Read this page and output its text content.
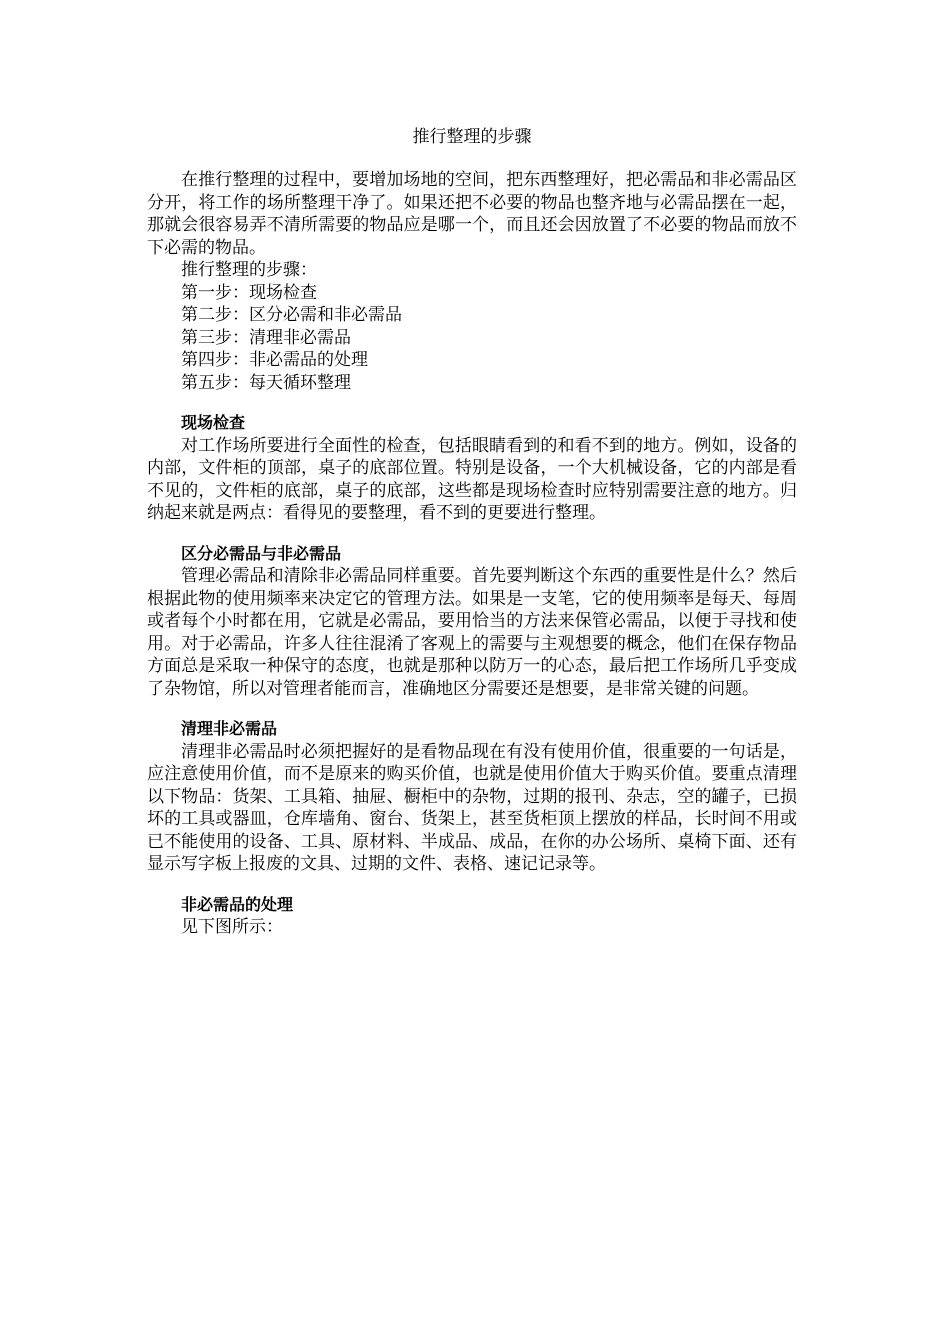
推行整理的步骤

在推行整理的过程中，要增加场地的空间，把东西整理好，把必需品和非必需品区分开，将工作的场所整理干净了。如果还把不必要的物品也整齐地与必需品摆在一起，那就会很容易弄不清所需要的物品应是哪一个，而且还会因放置了不必要的物品而放不下必需的物品。

推行整理的步骤：

第一步：现场检查
第二步：区分必需和非必需品
第三步：清理非必需品
第四步：非必需品的处理
第五步：每天循环整理
现场检查

对工作场所要进行全面性的检查，包括眼睛看到的和看不到的地方。例如，设备的内部，文件柜的顶部，桌子的底部位置。特别是设备，一个大机械设备，它的内部是看不见的，文件柜的底部，桌子的底部，这些都是现场检查时应特别需要注意的地方。归纳起来就是两点：看得见的要整理，看不到的更要进行整理。

区分必需品与非必需品

管理必需品和清除非必需品同样重要。首先要判断这个东西的重要性是什么？然后根据此物的使用频率来决定它的管理方法。如果是一支笔，它的使用频率是每天、每周或者每个小时都在用，它就是必需品，要用恰当的方法来保管必需品，以便于寻找和使用。对于必需品，许多人往往混淆了客观上的需要与主观想要的概念，他们在保存物品方面总是采取一种保守的态度，也就是那种以防万一的心态，最后把工作场所几乎变成了杂物馆，所以对管理者能而言，准确地区分需要还是想要，是非常关键的问题。

清理非必需品

清理非必需品时必须把握好的是看物品现在有没有使用价值，很重要的一句话是，应注意使用价值，而不是原来的购买价值，也就是使用价值大于购买价值。要重点清理以下物品：货架、工具箱、抽屉、橱柜中的杂物，过期的报刊、杂志，空的罐子，已损坏的工具或器皿，仓库墙角、窗台、货架上，甚至货柜顶上摆放的样品，长时间不用或已不能使用的设备、工具、原材料、半成品、成品，在你的办公场所、桌椅下面、还有显示写字板上报废的文具、过期的文件、表格、速记记录等。

非必需品的处理

见下图所示：
